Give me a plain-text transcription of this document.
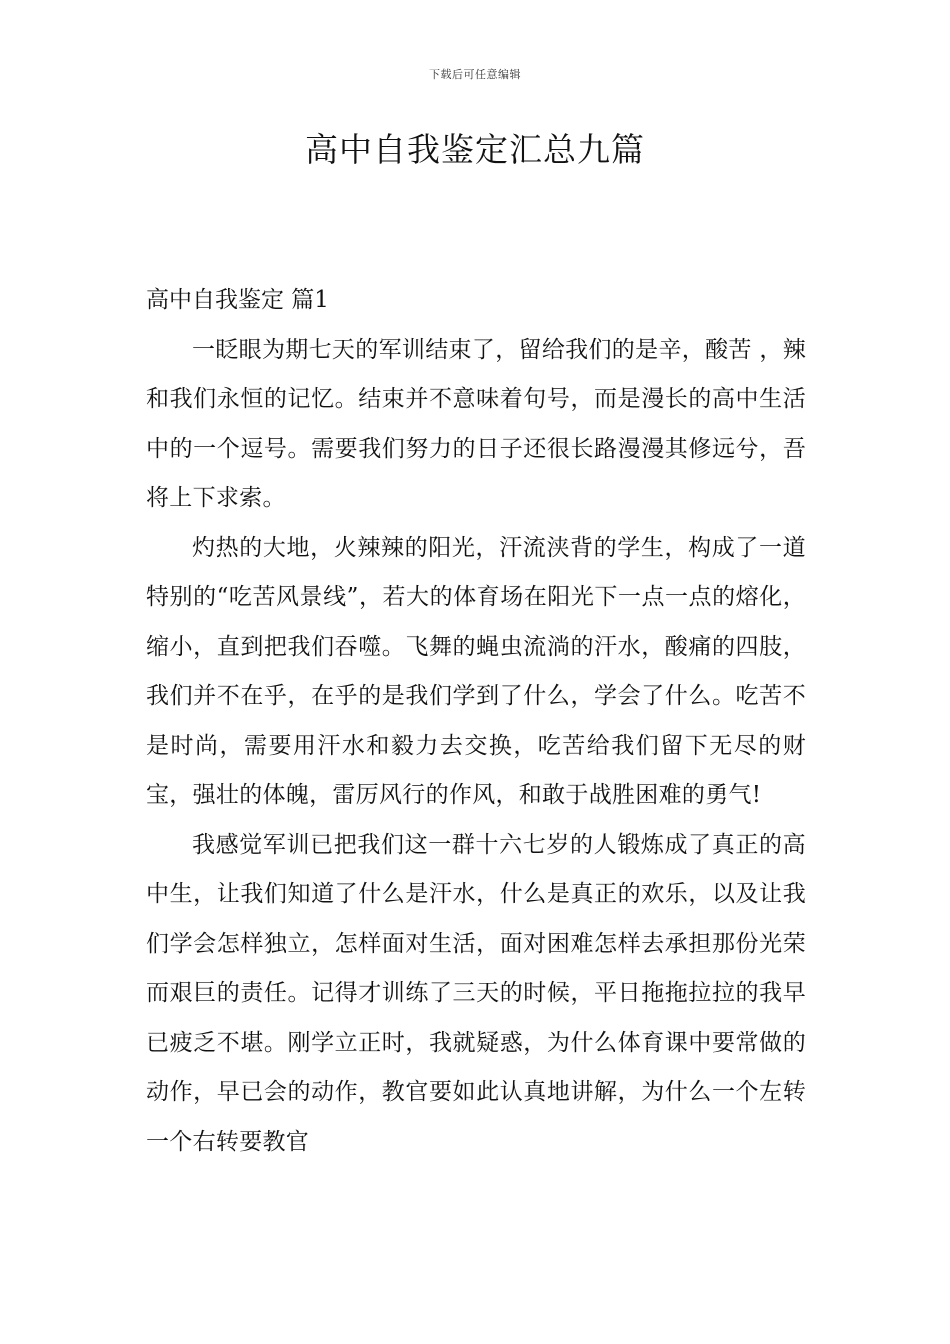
下载后可任意编辑
高中自我鉴定汇总九篇

高中自我鉴定 篇1

一眨眼为期七天的军训结束了，留给我们的是辛，酸苦 ，辣和我们永恒的记忆。结束并不意味着句号，而是漫长的高中生活中的一个逗号。需要我们努力的日子还很长路漫漫其修远兮，吾将上下求索。

灼热的大地，火辣辣的阳光，汗流浃背的学生，构成了一道特别的“吃苦风景线”，若大的体育场在阳光下一点一点的熔化，缩小，直到把我们吞噬。飞舞的蝇虫流淌的汗水，酸痛的四肢，我们并不在乎，在乎的是我们学到了什么，学会了什么。吃苦不是时尚，需要用汗水和毅力去交换，吃苦给我们留下无尽的财宝，强壮的体魄，雷厉风行的作风，和敢于战胜困难的勇气!

我感觉军训已把我们这一群十六七岁的人锻炼成了真正的高中生，让我们知道了什么是汗水，什么是真正的欢乐，以及让我们学会怎样独立，怎样面对生活，面对困难怎样去承担那份光荣而艰巨的责任。记得才训练了三天的时候，平日拖拖拉拉的我早已疲乏不堪。刚学立正时，我就疑惑，为什么体育课中要常做的动作，早已会的动作，教官要如此认真地讲解，为什么一个左转一个右转要教官
